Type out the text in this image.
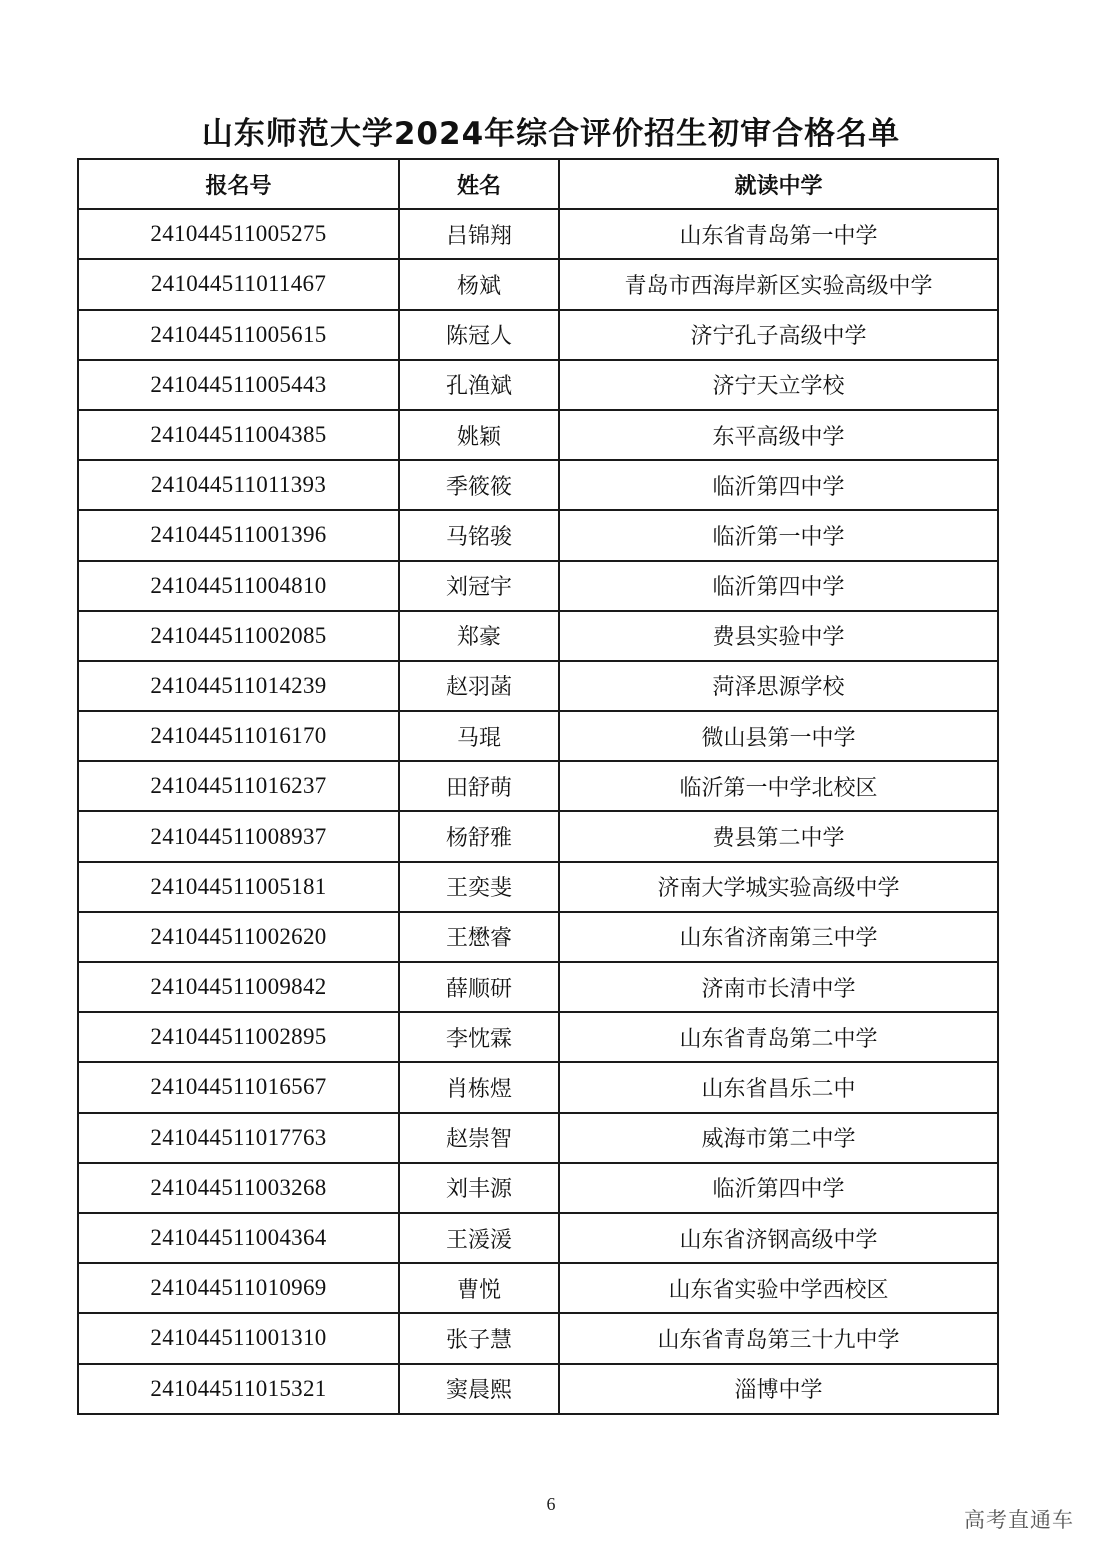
山东师范大学2024年综合评价招生初审合格名单
报名号	姓名	就读中学
241044511005275	吕锦翔	山东省青岛第一中学
241044511011467	杨斌	青岛市西海岸新区实验高级中学
241044511005615	陈冠人	济宁孔子高级中学
241044511005443	孔渔斌	济宁天立学校
241044511004385	姚颖	东平高级中学
241044511011393	季筱筱	临沂第四中学
241044511001396	马铭骏	临沂第一中学
241044511004810	刘冠宇	临沂第四中学
241044511002085	郑豪	费县实验中学
241044511014239	赵羽菡	菏泽思源学校
241044511016170	马琨	微山县第一中学
241044511016237	田舒萌	临沂第一中学北校区
241044511008937	杨舒雅	费县第二中学
241044511005181	王奕斐	济南大学城实验高级中学
241044511002620	王懋睿	山东省济南第三中学
241044511009842	薛顺研	济南市长清中学
241044511002895	李忱霖	山东省青岛第二中学
241044511016567	肖栋煜	山东省昌乐二中
241044511017763	赵崇智	威海市第二中学
241044511003268	刘丰源	临沂第四中学
241044511004364	王湲湲	山东省济钢高级中学
241044511010969	曹悦	山东省实验中学西校区
241044511001310	张子慧	山东省青岛第三十九中学
241044511015321	窦晨熙	淄博中学
6
高考直通车
